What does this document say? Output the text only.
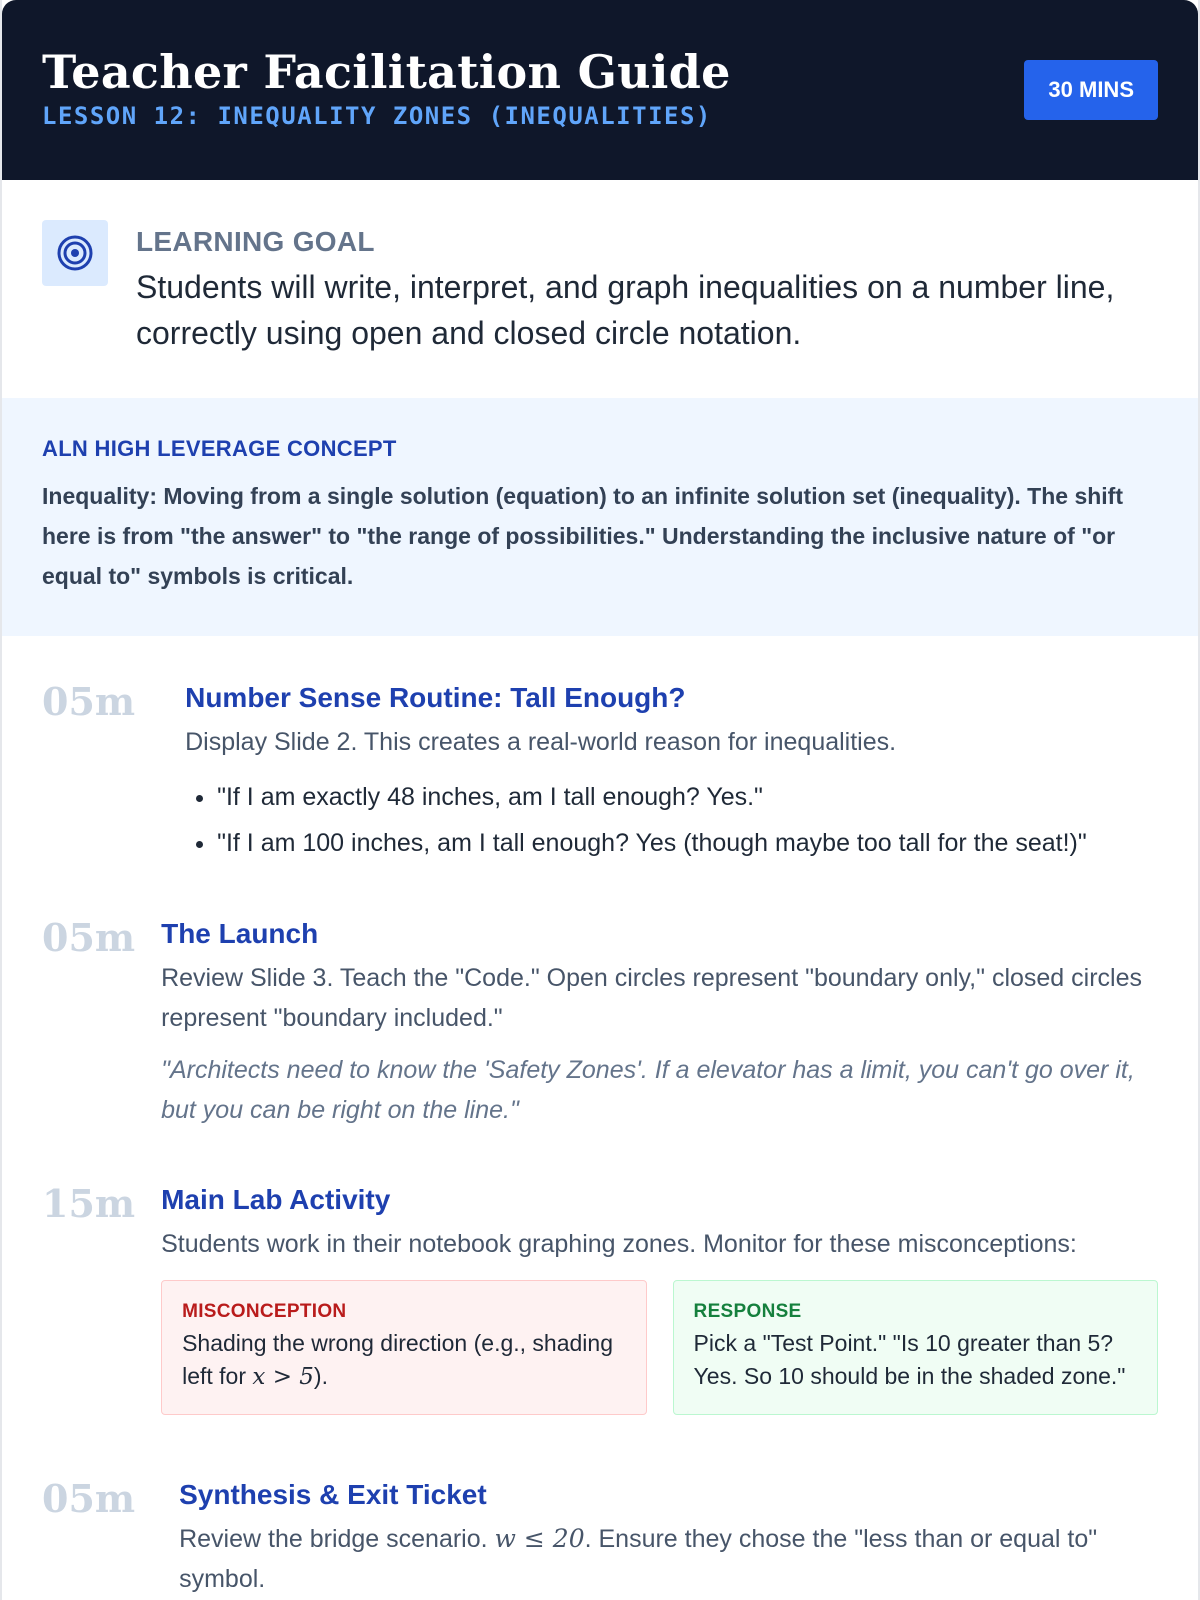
Teacher Facilitation Guide
LESSON 12: INEQUALITY ZONES (INEQUALITIES)
30 MINS
LEARNING GOAL
Students will write, interpret, and graph inequalities on a number line, correctly using open and closed circle notation.
ALN HIGH LEVERAGE CONCEPT
Inequality: Moving from a single solution (equation) to an infinite solution set (inequality). The shift here is from "the answer" to "the range of possibilities." Understanding the inclusive nature of "or equal to" symbols is critical.
05m Number Sense Routine: Tall Enough?
Display Slide 2. This creates a real-world reason for inequalities.
• "If I am exactly 48 inches, am I tall enough? Yes."
• "If I am 100 inches, am I tall enough? Yes (though maybe too tall for the seat!)"
05m The Launch
Review Slide 3. Teach the "Code." Open circles represent "boundary only," closed circles represent "boundary included."
"Architects need to know the 'Safety Zones'. If a elevator has a limit, you can't go over it, but you can be right on the line."
15m Main Lab Activity
Students work in their notebook graphing zones. Monitor for these misconceptions:
MISCONCEPTION
Shading the wrong direction (e.g., shading left for x > 5).
RESPONSE
Pick a "Test Point." "Is 10 greater than 5? Yes. So 10 should be in the shaded zone."
05m Synthesis & Exit Ticket
Review the bridge scenario. w ≤ 20. Ensure they chose the "less than or equal to" symbol.
